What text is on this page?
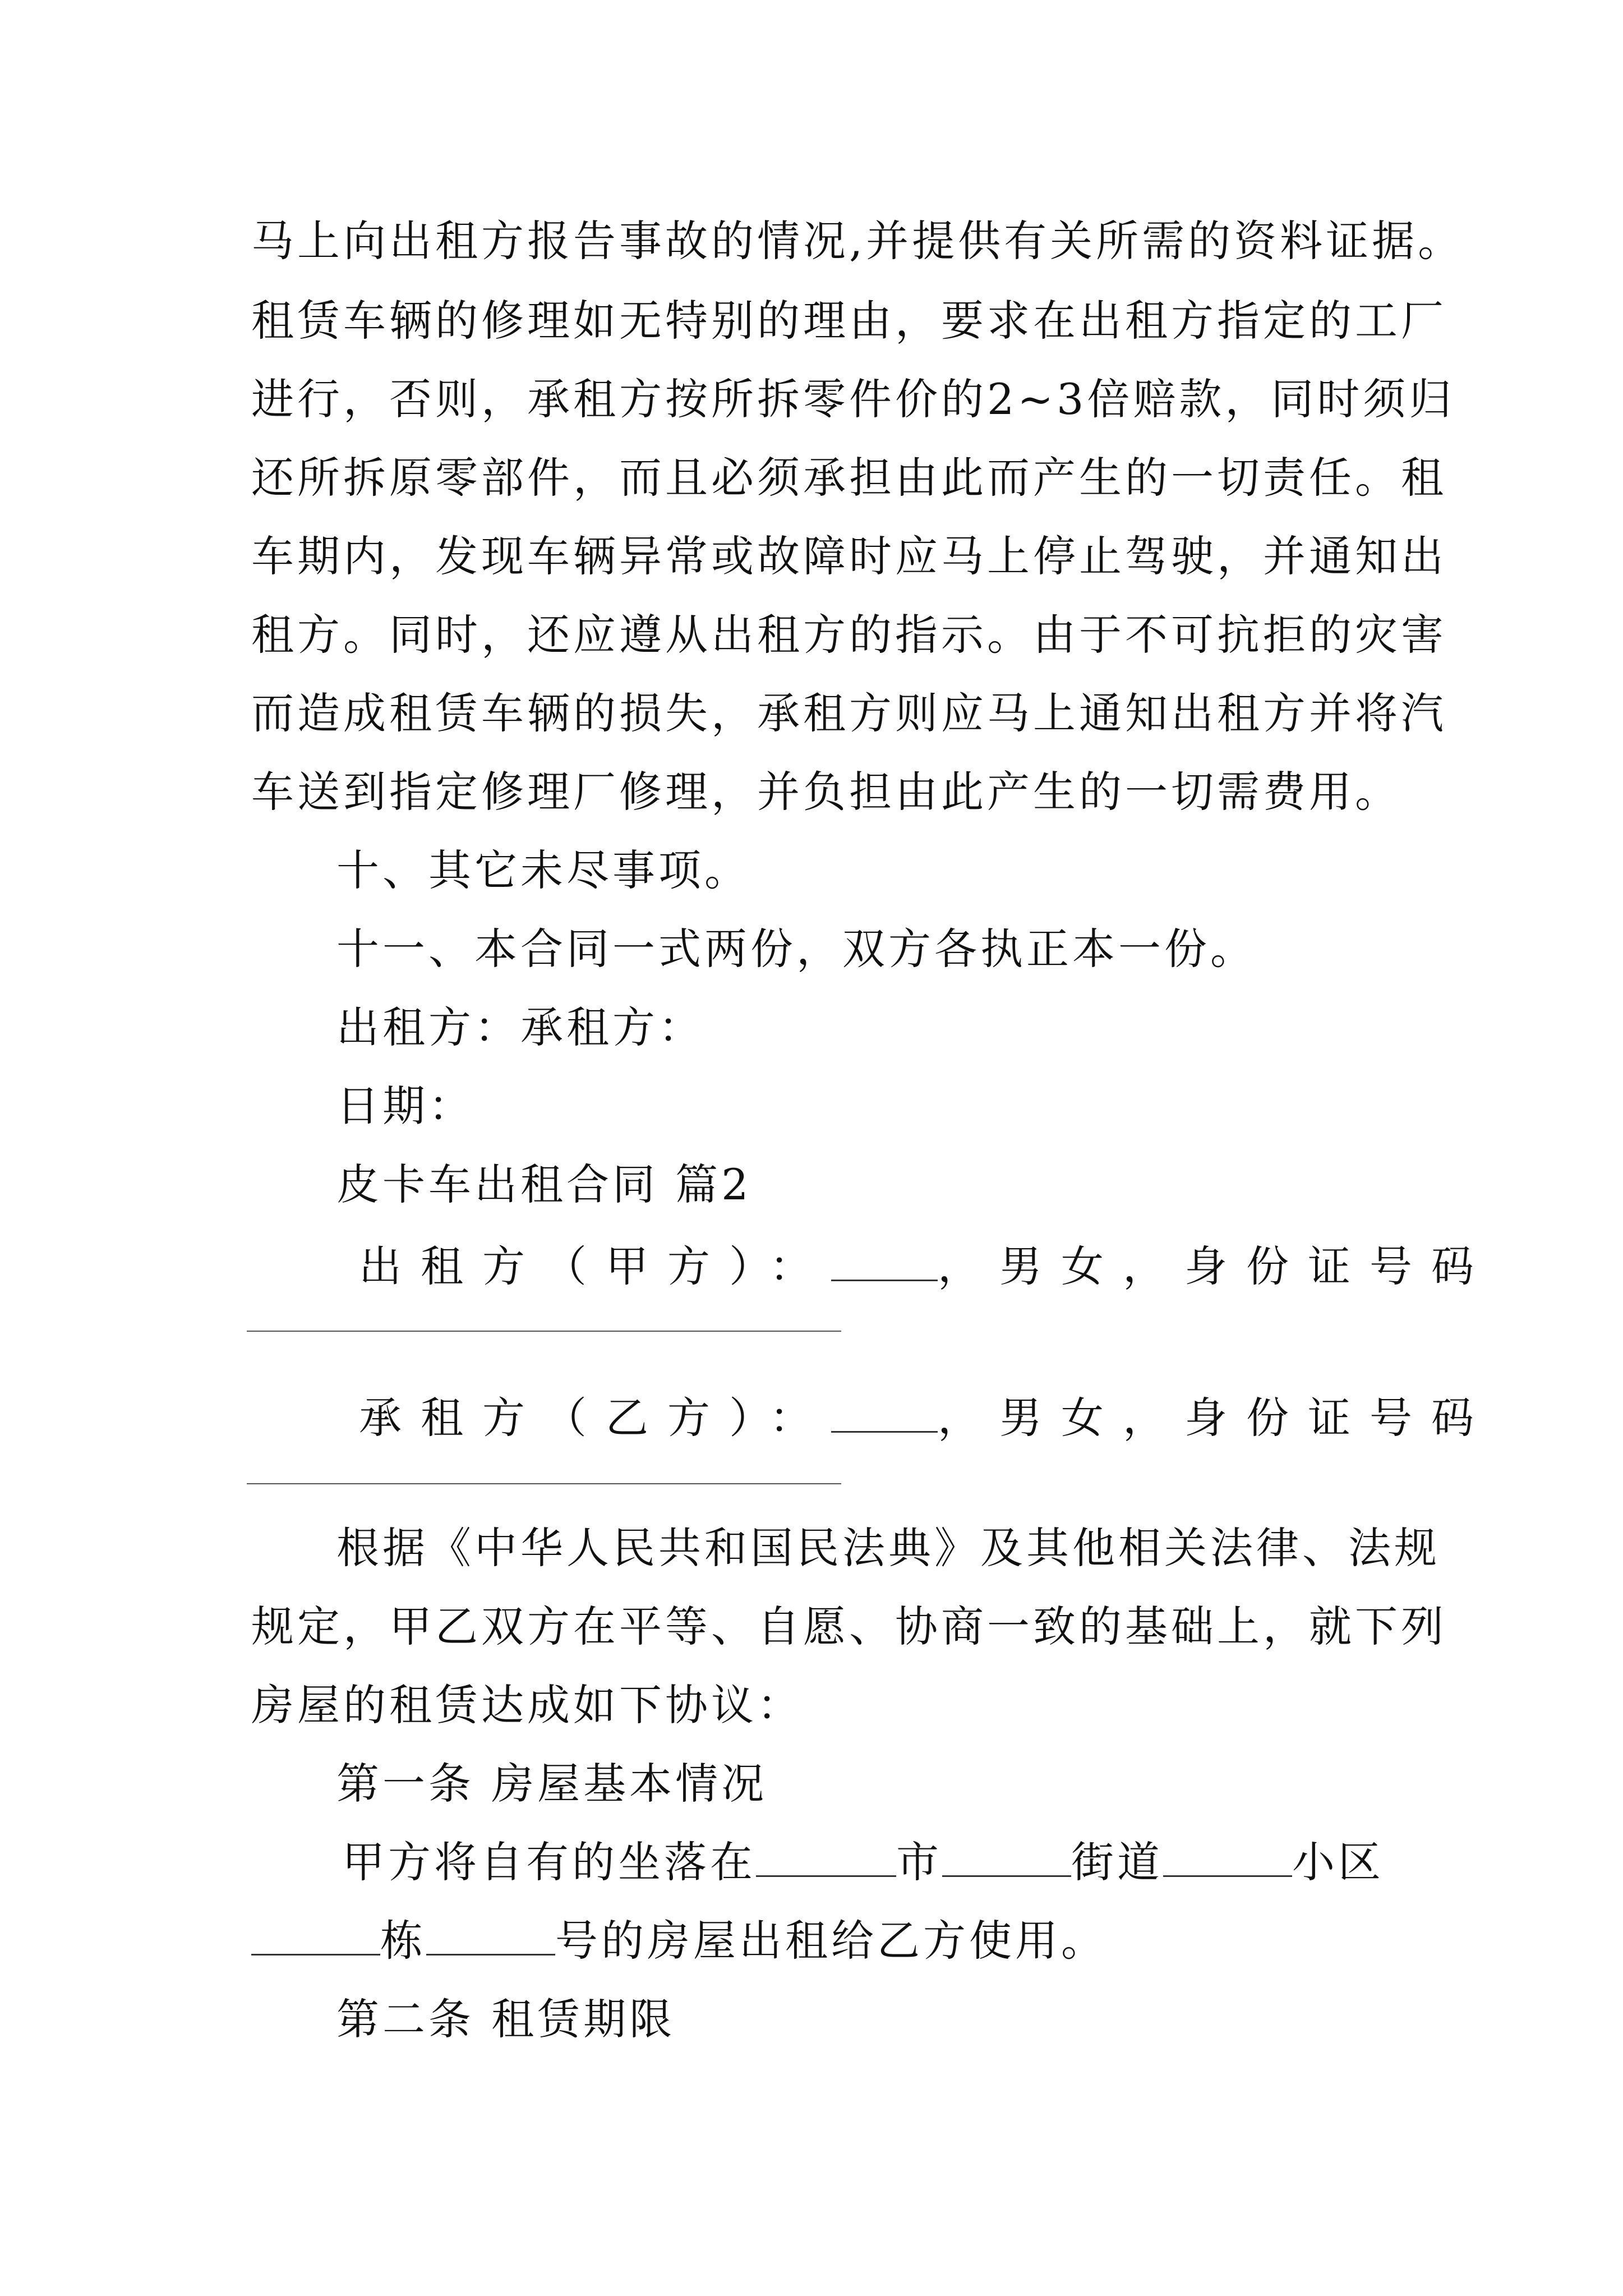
马上向出租方报告事故的情况,并提供有关所需的资料证据。
租赁车辆的修理如无特别的理由，要求在出租方指定的工厂
进行，否则，承租方按所拆零件价的2~3倍赔款，同时须归
还所拆原零部件，而且必须承担由此而产生的一切责任。租
车期内，发现车辆异常或故障时应马上停止驾驶，并通知出
租方。同时，还应遵从出租方的指示。由于不可抗拒的灾害
而造成租赁车辆的损失，承租方则应马上通知出租方并将汽
车送到指定修理厂修理，并负担由此产生的一切需费用。
十、其它未尽事项。
十一、本合同一式两份，双方各执正本一份。
出租方：承租方：
日期：
皮卡车出租合同 篇2
出租方（甲方）：	，男女，身份证号码
承租方（乙方）：	，男女，身份证号码
根据《中华人民共和国民法典》及其他相关法律、法规
规定，甲乙双方在平等、自愿、协商一致的基础上，就下列
房屋的租赁达成如下协议：
第一条 房屋基本情况
甲方将自有的坐落在	市	街道	小区
栋	号的房屋出租给乙方使用。
第二条 租赁期限
